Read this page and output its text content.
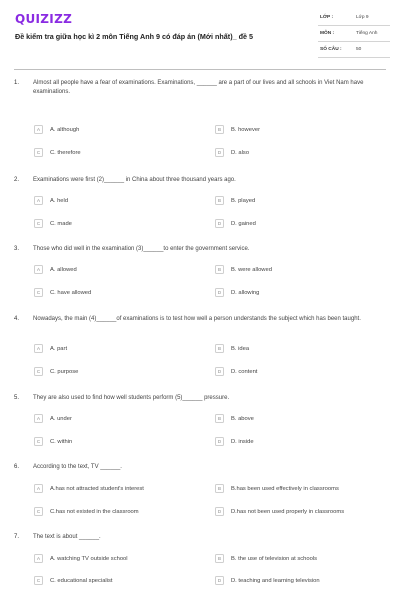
QUIZIZZ
Đề kiểm tra giữa học kì 2 môn Tiếng Anh 9 có đáp án (Mới nhất)_ đề 5
LỚP :	Lớp 9
MÔN :	Tiếng Anh
SỐ CÂU :	50
1. Almost all people have a fear of examinations. Examinations, ______ are a part of our lives and all schools in Viet Nam have examinations.
A	A. although	B	B. however
C	C. therefore	D	D. also
2. Examinations were first (2)______ in China about three thousand years ago.
A	A. held	B	B. played
C	C. made	D	D. gained
3. Those who did well in the examination (3)______to enter the government service.
A	A. allowed	B	B. were allowed
C	C. have allowed	D	D. allowing
4. Nowadays, the main (4)______of examinations is to test how well a person understands the subject which has been taught.
A	A. part	B	B. idea
C	C. purpose	D	D. content
5. They are also used to find how well students perform (5)______ pressure.
A	A. under	B	B. above
C	C. within	D	D. inside
6. According to the text, TV ______.
A	A.has not attracted student's interest	B	B.has been used effectively in classrooms
C	C.has not existed in the classroom	D	D.has not been used properly in classrooms
7. The text is about ______.
A	A. watching TV outside school	B	B. the use of television at schools
C	C. educational specialist	D	D. teaching and learning television
